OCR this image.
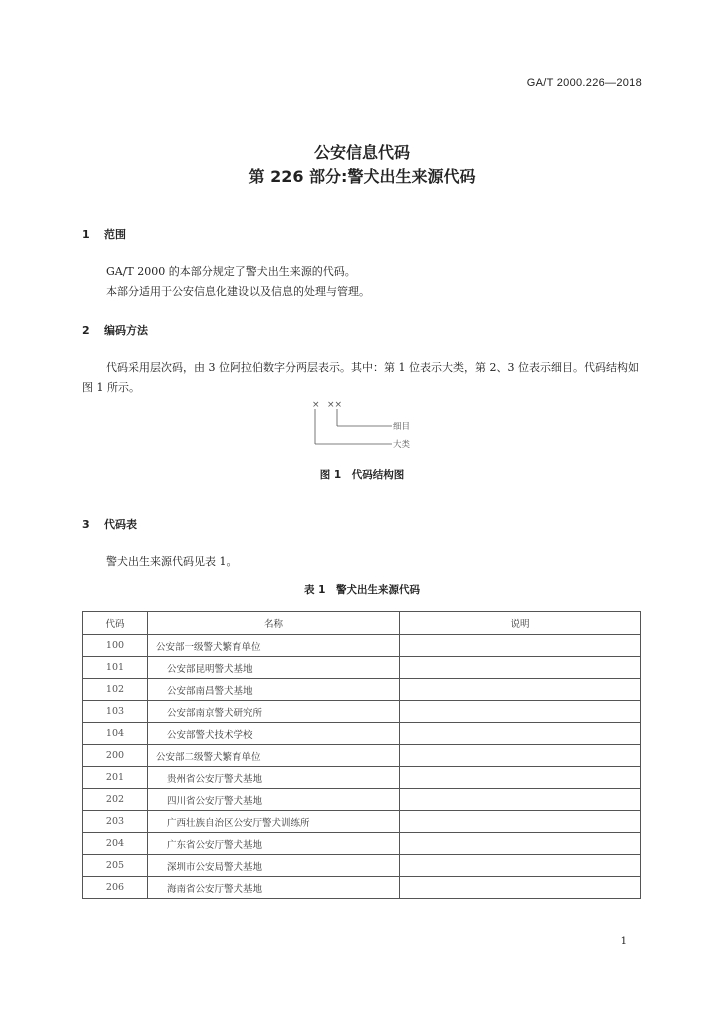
GA/T 2000.226—2018
公安信息代码
第 226 部分:警犬出生来源代码
1 范围
GA/T 2000 的本部分规定了警犬出生来源的代码。
本部分适用于公安信息化建设以及信息的处理与管理。
2 编码方法
代码采用层次码，由 3 位阿拉伯数字分两层表示。其中：第 1 位表示大类，第 2、3 位表示细目。代码结构如图 1 所示。
× ××
细目
大类
图 1　代码结构图
3 代码表
警犬出生来源代码见表 1。
表 1　警犬出生来源代码
代码	名称	说明
100	公安部一级警犬繁育单位	
101	公安部昆明警犬基地	
102	公安部南昌警犬基地	
103	公安部南京警犬研究所	
104	公安部警犬技术学校	
200	公安部二级警犬繁育单位	
201	贵州省公安厅警犬基地	
202	四川省公安厅警犬基地	
203	广西壮族自治区公安厅警犬训练所	
204	广东省公安厅警犬基地	
205	深圳市公安局警犬基地	
206	海南省公安厅警犬基地	
1
